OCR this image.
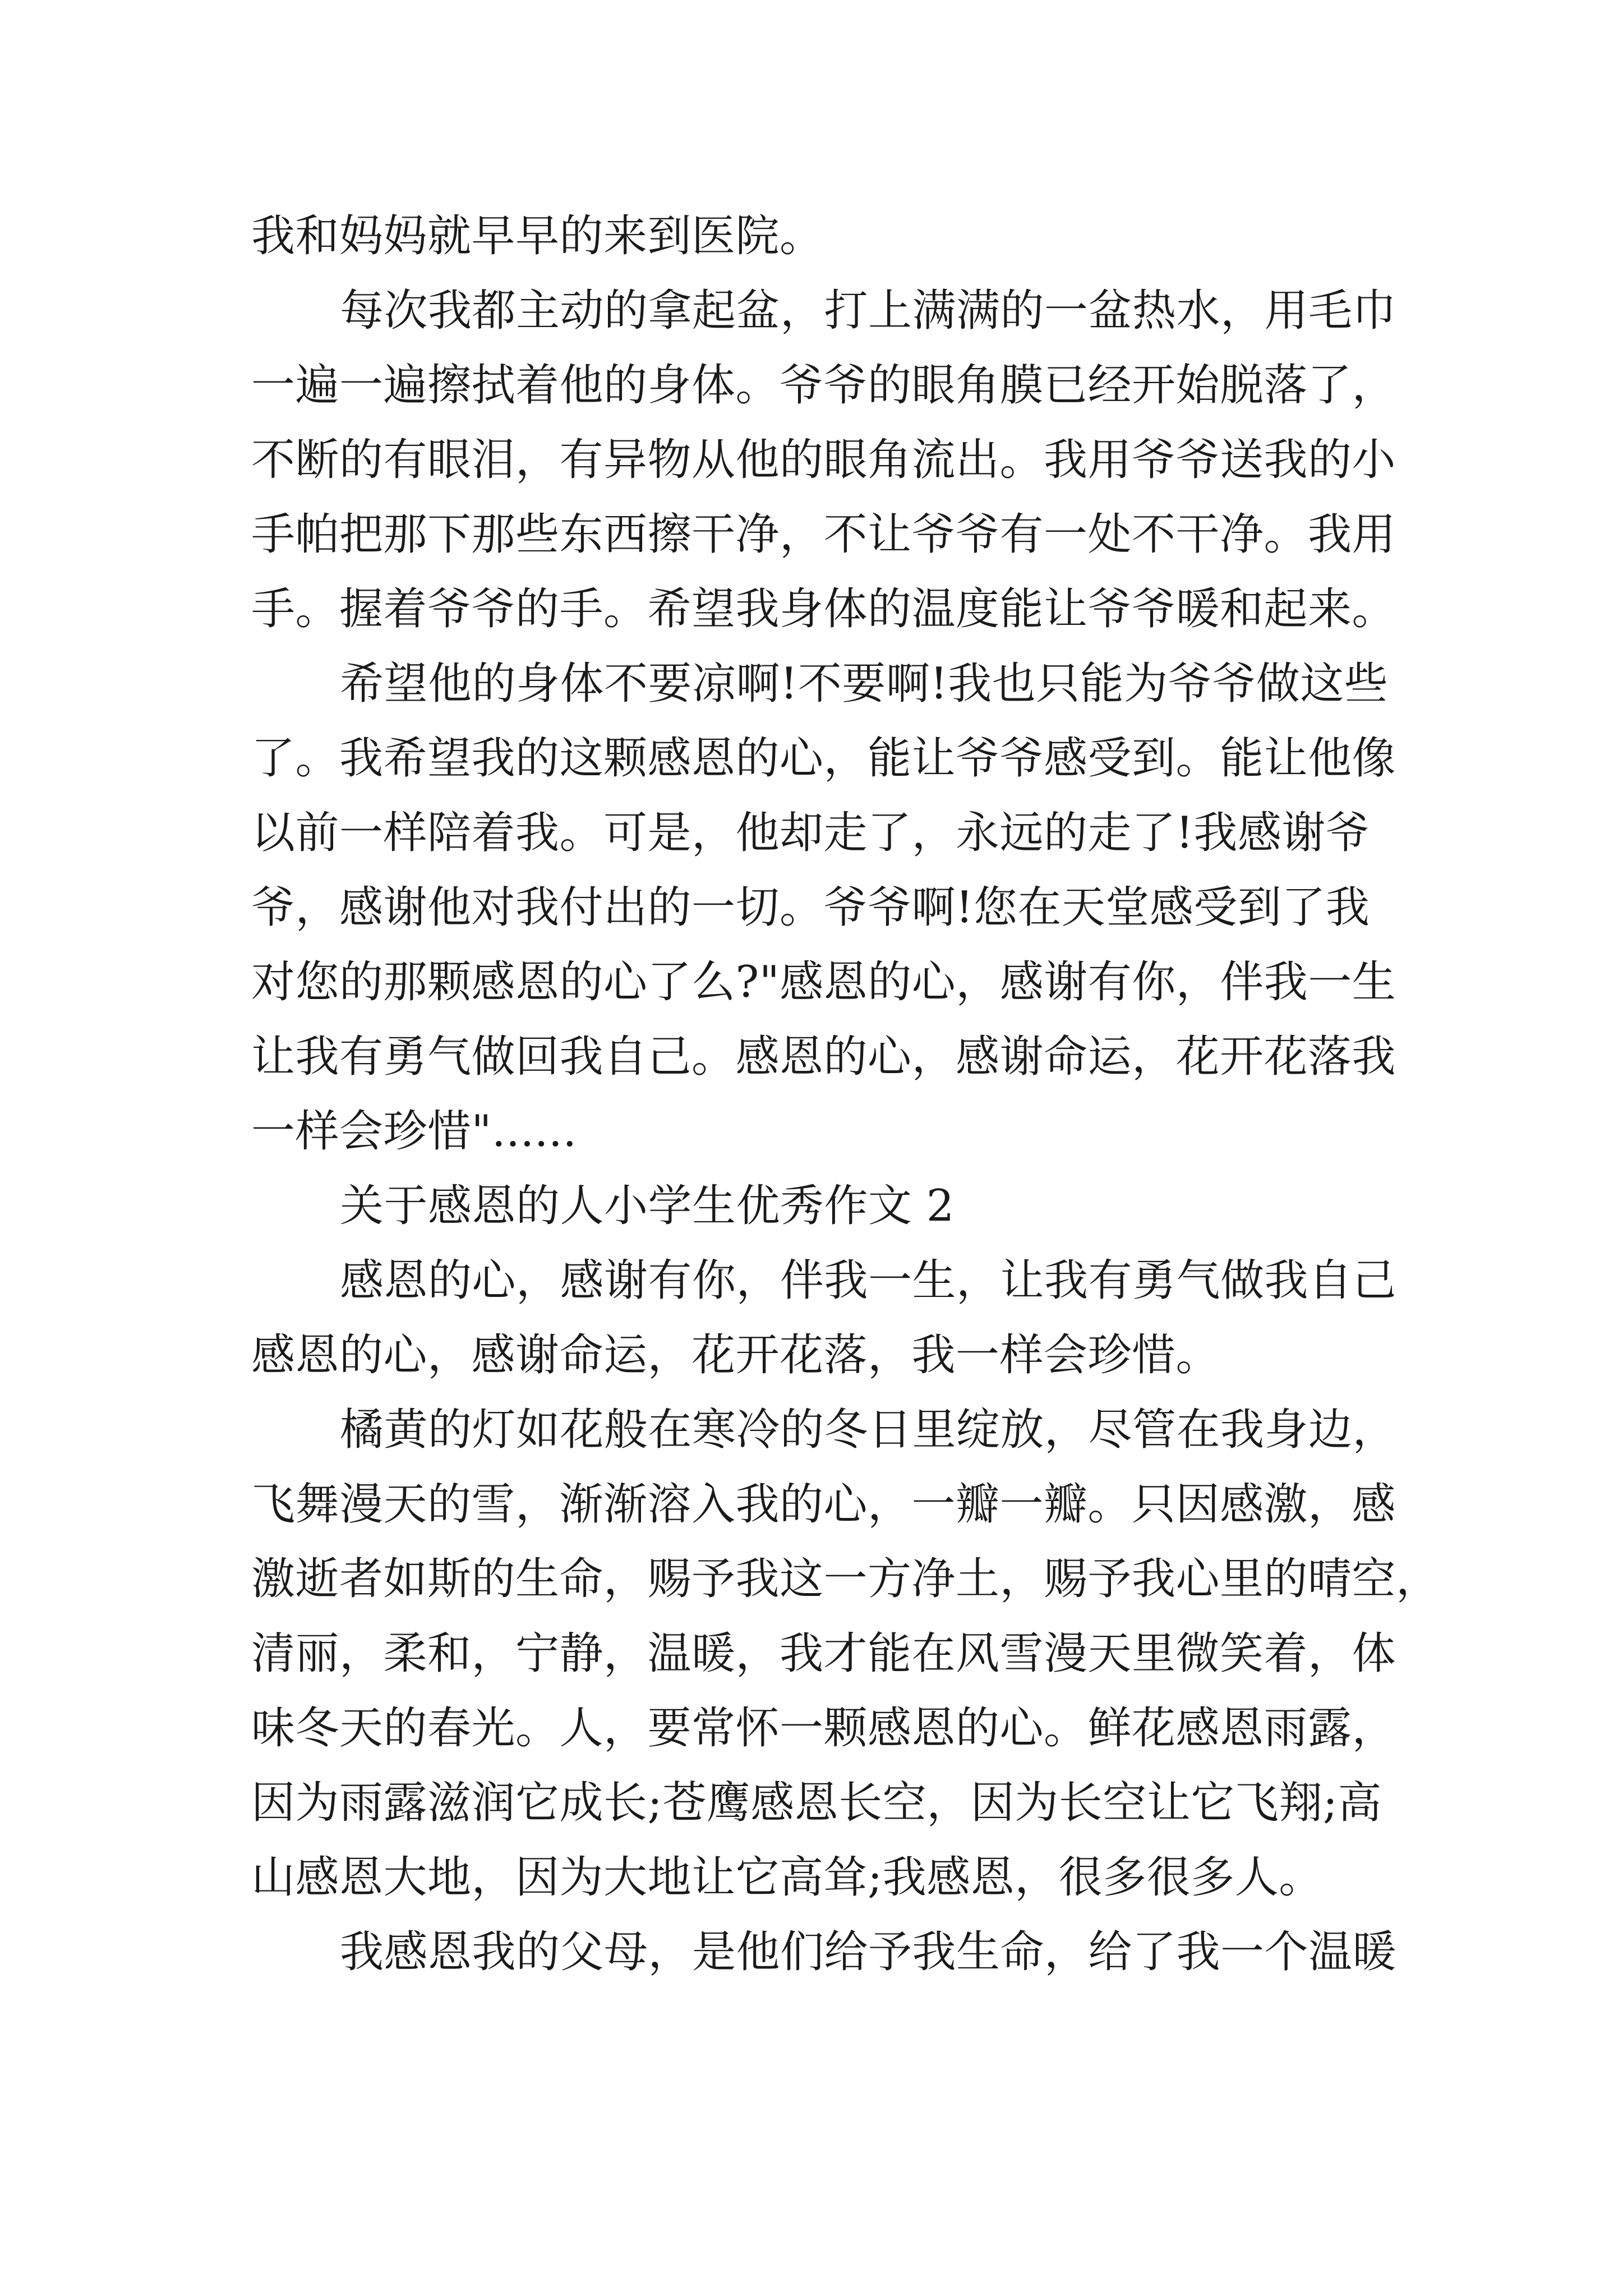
我和妈妈就早早的来到医院。
每次我都主动的拿起盆，打上满满的一盆热水，用毛巾
一遍一遍擦拭着他的身体。爷爷的眼角膜已经开始脱落了，
不断的有眼泪，有异物从他的眼角流出。我用爷爷送我的小
手帕把那下那些东西擦干净，不让爷爷有一处不干净。我用
手。握着爷爷的手。希望我身体的温度能让爷爷暖和起来。
希望他的身体不要凉啊!不要啊!我也只能为爷爷做这些
了。我希望我的这颗感恩的心，能让爷爷感受到。能让他像
以前一样陪着我。可是，他却走了，永远的走了!我感谢爷
爷，感谢他对我付出的一切。爷爷啊!您在天堂感受到了我
对您的那颗感恩的心了么?"感恩的心，感谢有你，伴我一生
让我有勇气做回我自己。感恩的心，感谢命运，花开花落我
一样会珍惜"......
关于感恩的人小学生优秀作文 2
感恩的心，感谢有你，伴我一生，让我有勇气做我自己
感恩的心，感谢命运，花开花落，我一样会珍惜。
橘黄的灯如花般在寒冷的冬日里绽放，尽管在我身边，
飞舞漫天的雪，渐渐溶入我的心，一瓣一瓣。只因感激，感
激逝者如斯的生命，赐予我这一方净土，赐予我心里的晴空，
清丽，柔和，宁静，温暖，我才能在风雪漫天里微笑着，体
味冬天的春光。人，要常怀一颗感恩的心。鲜花感恩雨露，
因为雨露滋润它成长;苍鹰感恩长空，因为长空让它飞翔;高
山感恩大地，因为大地让它高耸;我感恩，很多很多人。
我感恩我的父母，是他们给予我生命，给了我一个温暖
